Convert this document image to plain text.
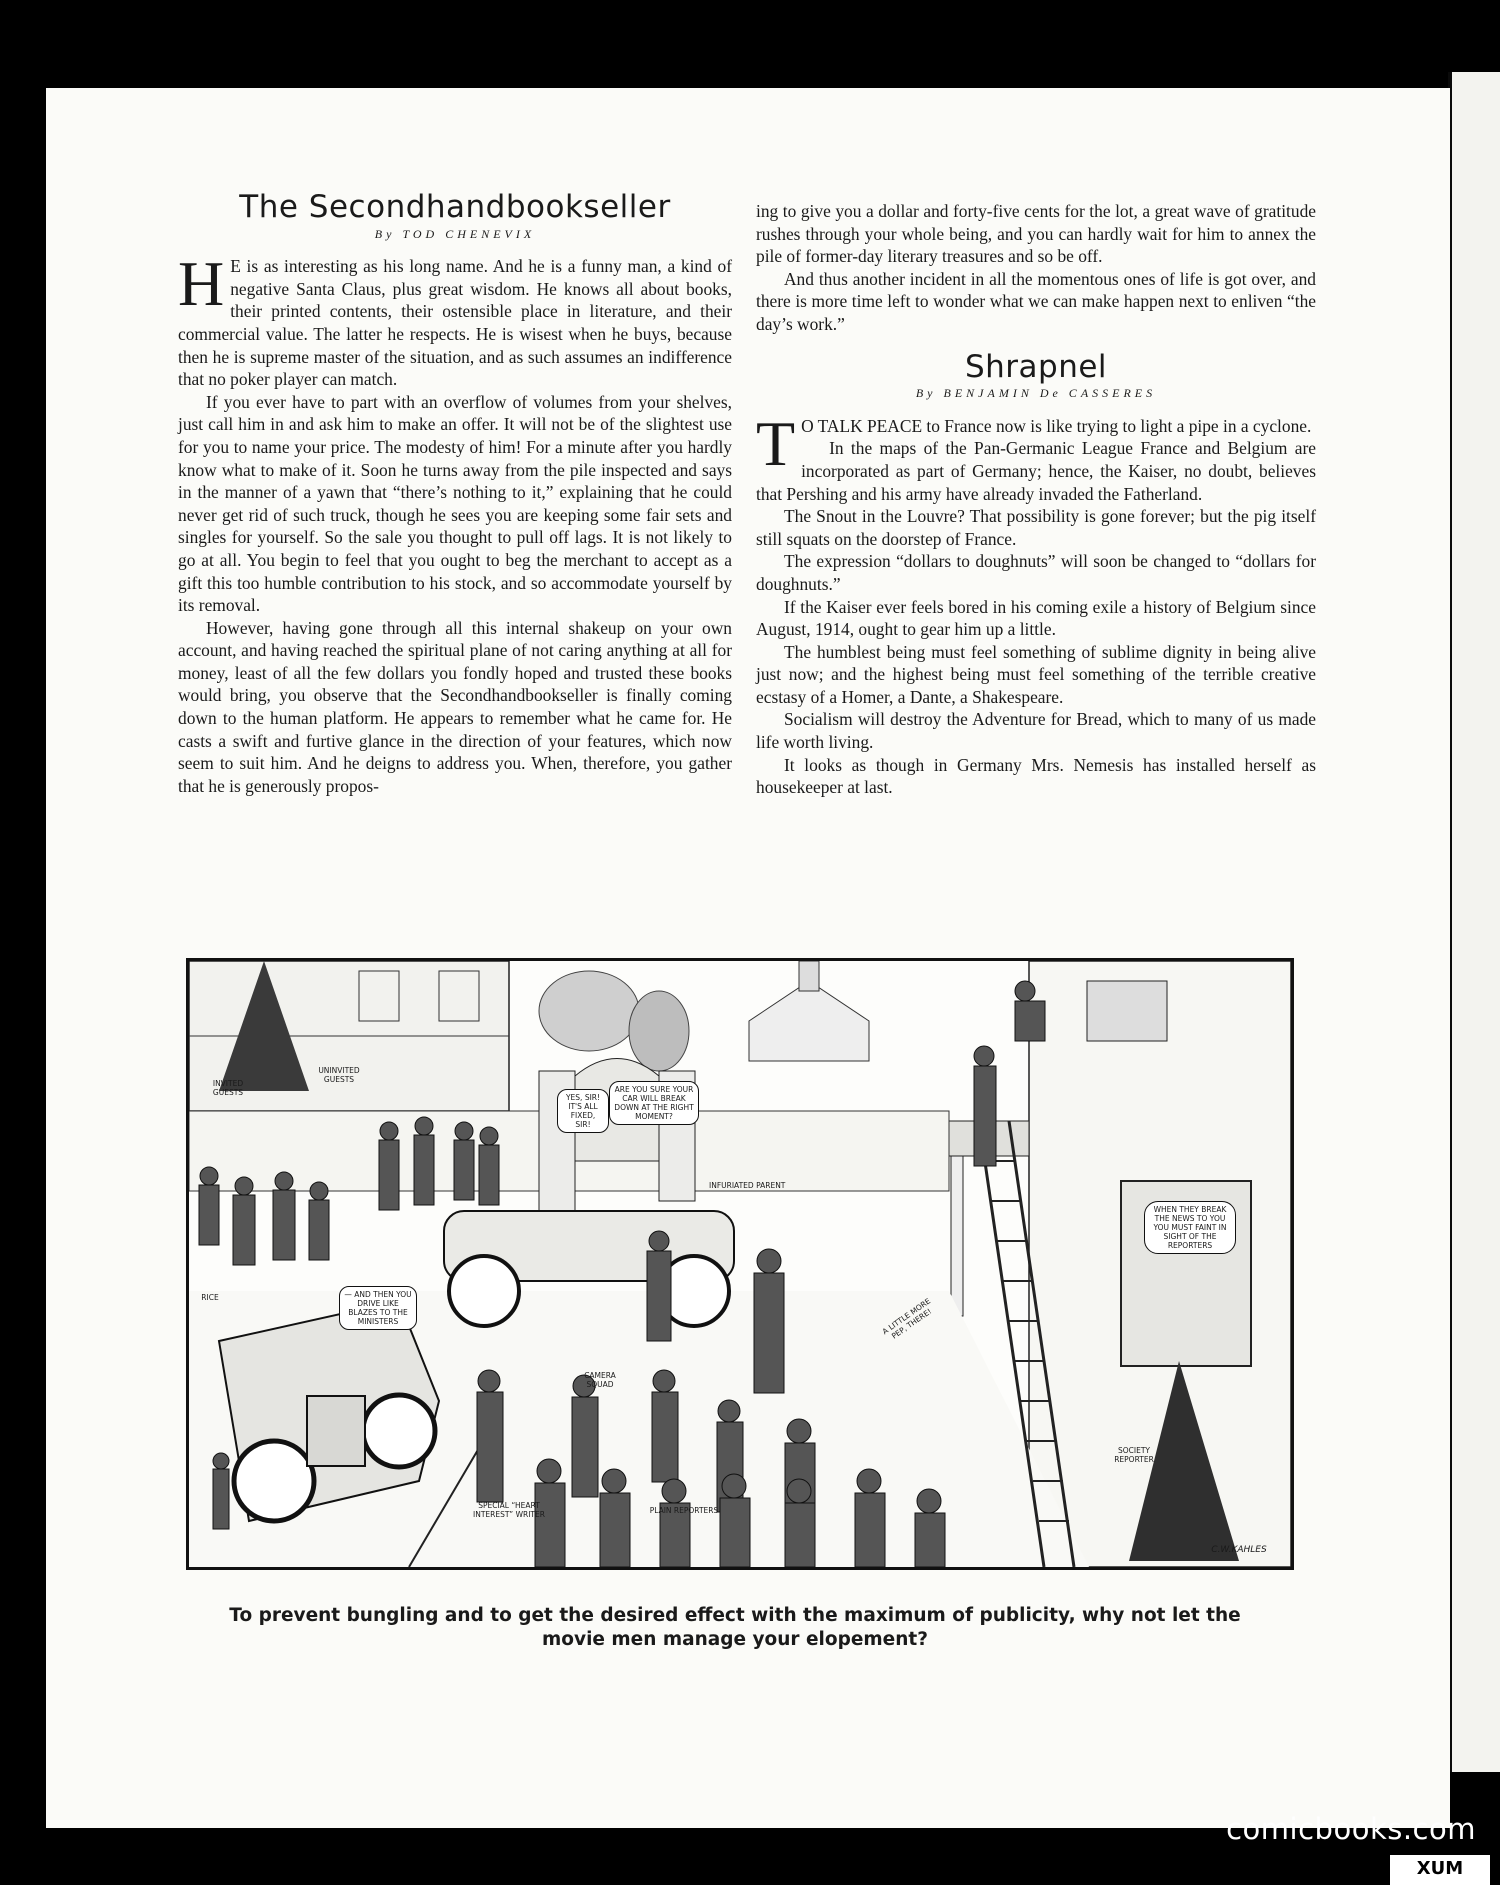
The Secondhandbookseller
By TOD CHENEVIX
H E is as interesting as his long name. And he is a funny man, a kind of negative Santa Claus, plus great wisdom. He knows all about books, their printed contents, their ostensible place in literature, and their commercial value. The latter he respects. He is wisest when he buys, because then he is supreme master of the situation, and as such assumes an indifference that no poker player can match.

If you ever have to part with an overflow of volumes from your shelves, just call him in and ask him to make an offer. It will not be of the slightest use for you to name your price. The modesty of him! For a minute after you hardly know what to make of it. Soon he turns away from the pile inspected and says in the manner of a yawn that “there’s nothing to it,” explaining that he could never get rid of such truck, though he sees you are keeping some fair sets and singles for yourself. So the sale you thought to pull off lags. It is not likely to go at all. You begin to feel that you ought to beg the merchant to accept as a gift this too humble contribution to his stock, and so accommodate yourself by its removal.

However, having gone through all this internal shakeup on your own account, and having reached the spiritual plane of not caring anything at all for money, least of all the few dollars you fondly hoped and trusted these books would bring, you observe that the Secondhandbookseller is finally coming down to the human platform. He appears to remember what he came for. He casts a swift and furtive glance in the direction of your features, which now seem to suit him. And he deigns to address you. When, therefore, you gather that he is generously propos-

ing to give you a dollar and forty-five cents for the lot, a great wave of gratitude rushes through your whole being, and you can hardly wait for him to annex the pile of former-day literary treasures and so be off.

And thus another incident in all the momentous ones of life is got over, and there is more time left to wonder what we can make happen next to enliven “the day’s work.”

Shrapnel
By BENJAMIN De CASSERES
T O TALK PEACE to France now is like trying to light a pipe in a cyclone.

In the maps of the Pan-Germanic League France and Belgium are incorporated as part of Germany; hence, the Kaiser, no doubt, believes that Pershing and his army have already invaded the Fatherland.

The Snout in the Louvre? That possibility is gone forever; but the pig itself still squats on the doorstep of France.

The expression “dollars to doughnuts” will soon be changed to “dollars for doughnuts.”

If the Kaiser ever feels bored in his coming exile a history of Belgium since August, 1914, ought to gear him up a little.

The humblest being must feel something of sublime dignity in being alive just now; and the highest being must feel something of the terrible creative ecstasy of a Homer, a Dante, a Shakespeare.

Socialism will destroy the Adventure for Bread, which to many of us made life worth living.

It looks as though in Germany Mrs. Nemesis has installed herself as housekeeper at last.

INVITED GUESTS
UNINVITED GUESTS
YES, SIR! IT'S ALL FIXED, SIR!
ARE YOU SURE YOUR CAR WILL BREAK DOWN AT THE RIGHT MOMENT?
INFURIATED PARENT
— AND THEN YOU DRIVE LIKE BLAZES TO THE MINISTERS
CAMERA SQUAD
A LITTLE MORE PEP, THERE!
WHEN THEY BREAK THE NEWS TO YOU YOU MUST FAINT IN SIGHT OF THE REPORTERS
SOCIETY REPORTER
SPECIAL “HEART INTEREST” WRITER	PLAIN REPORTERS
RICE
C.W.KAHLES
To prevent bungling and to get the desired effect with the maximum of publicity, why not let the movie men manage your elopement?
comicbooks.com
XUM
